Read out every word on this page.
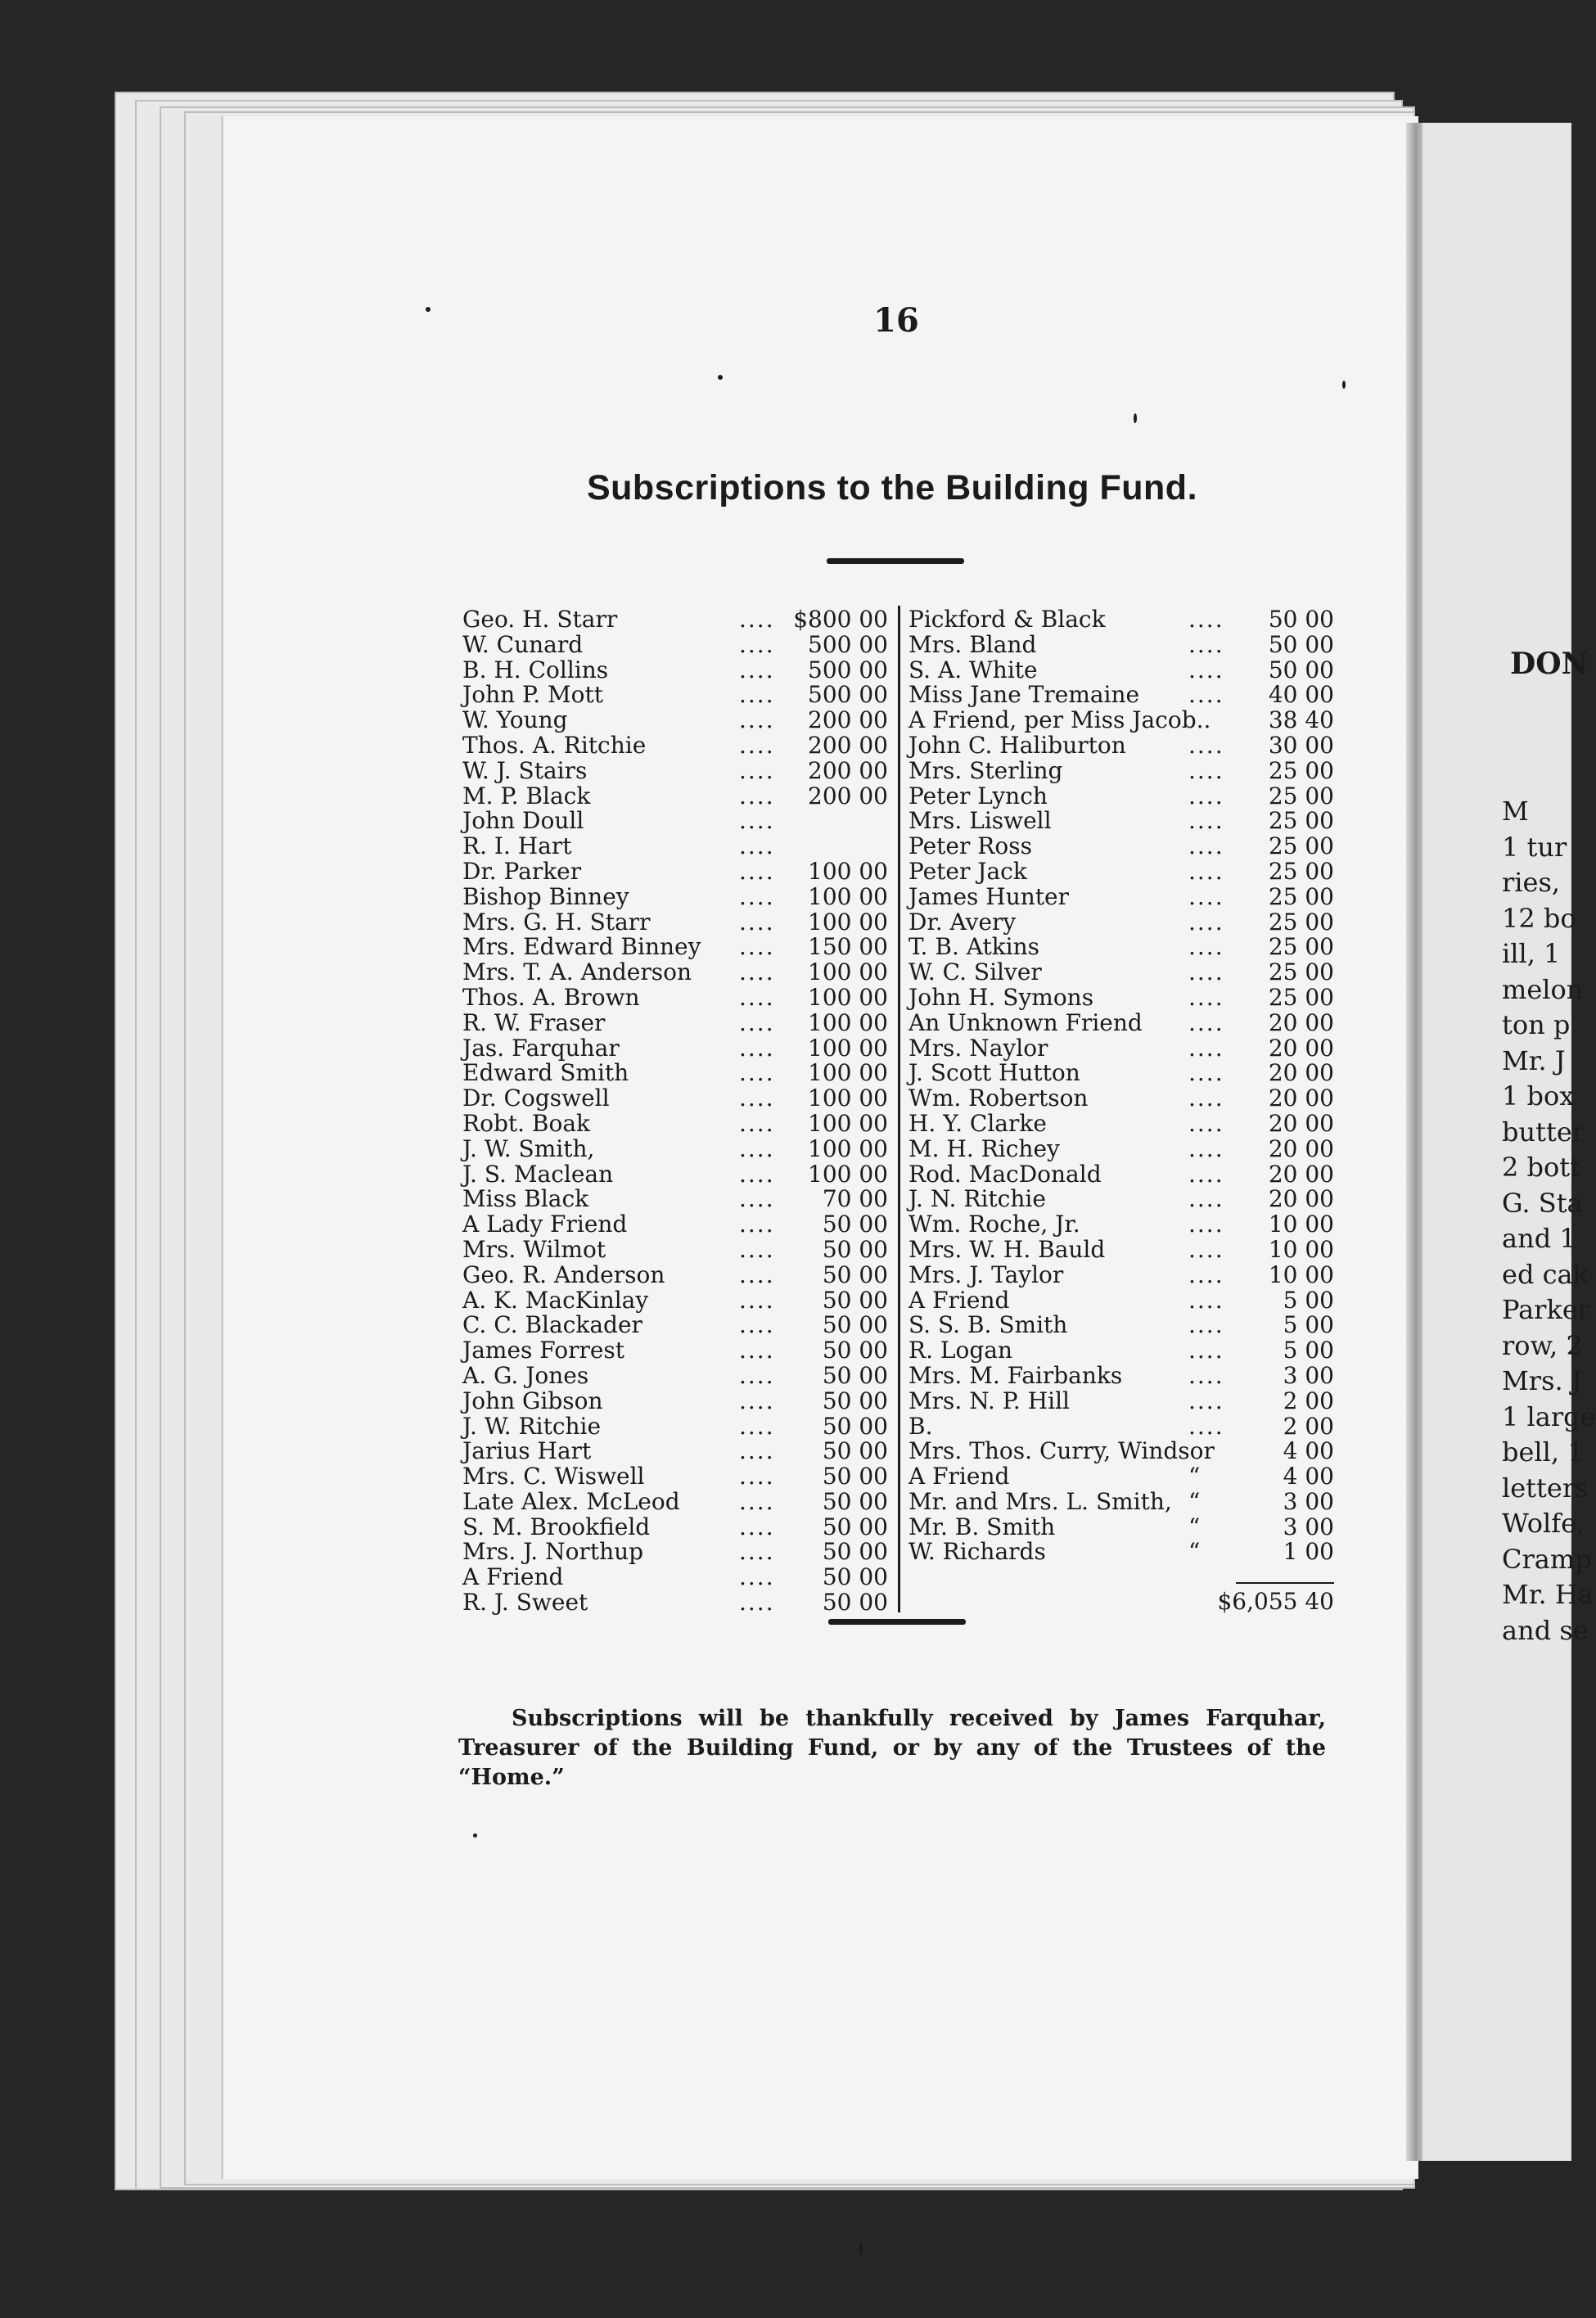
DON
M
1 tur
ries,
12 bo
ill, 1
melon
ton p
Mr. J
1 box
butter
2 bott
G. Sta
and 1
ed cak
Parker
row, 2
Mrs. J
1 large
bell, 1
letters
Wolfe,
Cramp
Mr. Ha
and se
16
Subscriptions to the Building Fund.
Geo. H. Starr	.... $800 00
W. Cunard	....	500 00
B. H. Collins	....	500 00
John P. Mott	....	500 00
W. Young	....	200 00
Thos. A. Ritchie	....	200 00
W. J. Stairs	....	200 00
M. P. Black	....	200 00
John Doull	....
R. I. Hart	....
Dr. Parker	....	100 00
Bishop Binney	....	100 00
Mrs. G. H. Starr	....	100 00
Mrs. Edward Binney ....	150 00
Mrs. T. A. Anderson ....	100 00
Thos. A. Brown	....	100 00
R. W. Fraser	....	100 00
Jas. Farquhar	....	100 00
Edward Smith	....	100 00
Dr. Cogswell	....	100 00
Robt. Boak	....	100 00
J. W. Smith,	....	100 00
J. S. Maclean	....	100 00
Miss Black	....	70 00
A Lady Friend	....	50 00
Mrs. Wilmot	....	50 00
Geo. R. Anderson	....	50 00
A. K. MacKinlay	....	50 00
C. C. Blackader	....	50 00
James Forrest	....	50 00
A. G. Jones	....	50 00
John Gibson	....	50 00
J. W. Ritchie	....	50 00
Jarius Hart	....	50 00
Mrs. C. Wiswell	....	50 00
Late Alex. McLeod	....	50 00
S. M. Brookfield	....	50 00
Mrs. J. Northup	....	50 00
A Friend	....	50 00
R. J. Sweet	....	50 00
Pickford & Black	....	50 00
Mrs. Bland	....	50 00
S. A. White	....	50 00
Miss Jane Tremaine ....	40 00
A Friend, per Miss Jacob..	38 40
John C. Haliburton	....	30 00
Mrs. Sterling	....	25 00
Peter Lynch	....	25 00
Mrs. Liswell	....	25 00
Peter Ross	....	25 00
Peter Jack	....	25 00
James Hunter	....	25 00
Dr. Avery	....	25 00
T. B. Atkins	....	25 00
W. C. Silver	....	25 00
John H. Symons	....	25 00
An Unknown Friend ....	20 00
Mrs. Naylor	....	20 00
J. Scott Hutton	....	20 00
Wm. Robertson	....	20 00
H. Y. Clarke	....	20 00
M. H. Richey	....	20 00
Rod. MacDonald	....	20 00
J. N. Ritchie	....	20 00
Wm. Roche, Jr.	....	10 00
Mrs. W. H. Bauld	....	10 00
Mrs. J. Taylor	....	10 00
A Friend	....	5 00
S. S. B. Smith	....	5 00
R. Logan	....	5 00
Mrs. M. Fairbanks	....	3 00
Mrs. N. P. Hill	....	2 00
B.	....	2 00
Mrs. Thos. Curry, Windsor	4 00
A Friend	“	4 00
Mr. and Mrs. L. Smith, “	3 00
Mr. B. Smith	“	3 00
W. Richards	“	1 00
$6,055 40
Subscriptions will be thankfully received by James Farquhar, Treasurer of the Building Fund, or by any of the Trustees of the “Home.”
